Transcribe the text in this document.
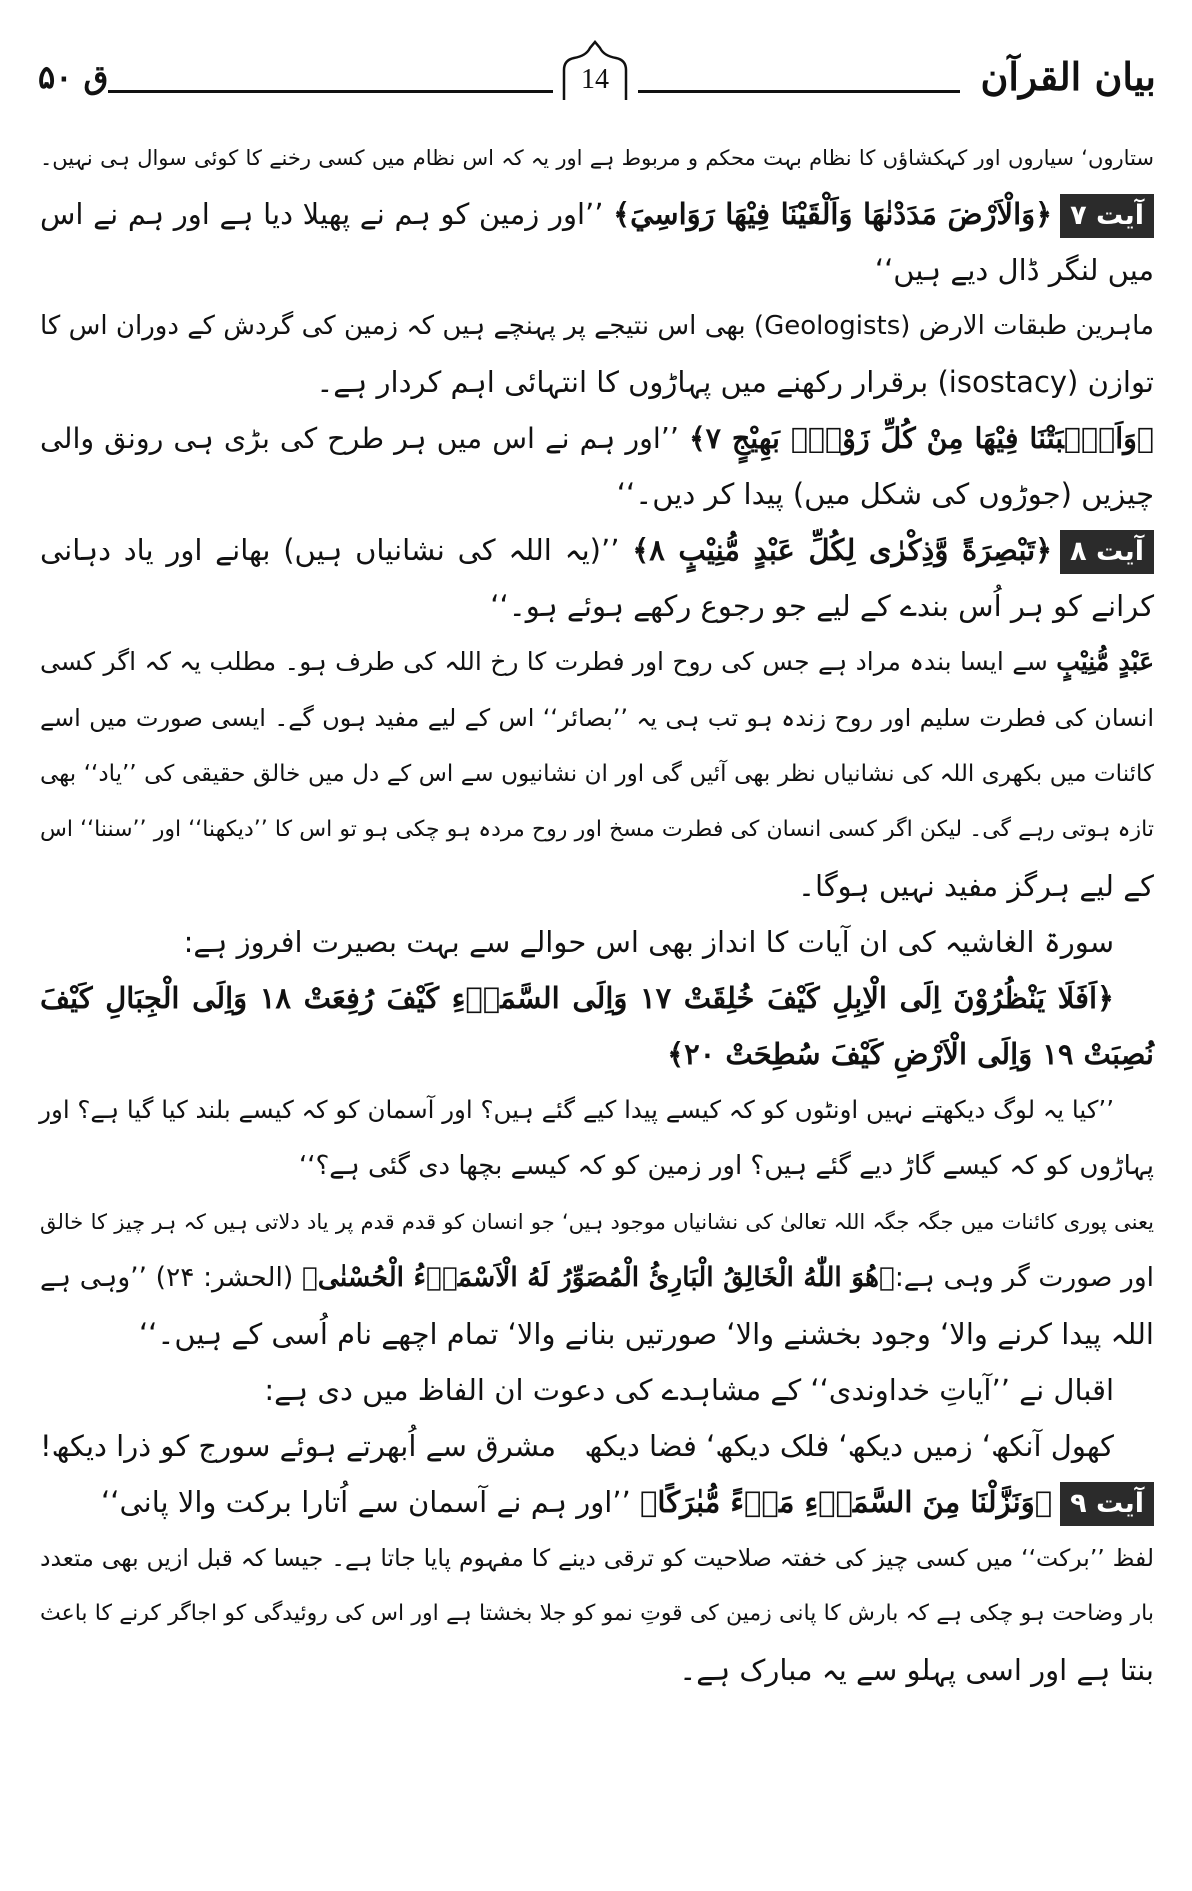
بیان القرآن
14
ق ۵۰
ستاروں‘ سیاروں اور کہکشاؤں کا نظام بہت محکم و مربوط ہے اور یہ کہ اس نظام میں کسی رخنے کا کوئی سوال ہی نہیں۔
آیت ۷﴿وَالْاَرْضَ مَدَدْنٰهَا وَاَلْقَيْنَا فِيْهَا رَوَاسِيَ﴾ ’’اور زمین کو ہم نے پھیلا دیا ہے اور ہم نے اس
میں لنگر ڈال دیے ہیں‘‘
ماہرین طبقات الارض (Geologists) بھی اس نتیجے پر پہنچے ہیں کہ زمین کی گردش کے دوران اس کا
توازن (isostacy) برقرار رکھنے میں پہاڑوں کا انتہائی اہم کردار ہے۔
﴿وَاَنْۢبَتْنَا فِيْهَا مِنْ كُلِّ زَوْجٍۭ بَهِيْجٍ ۷﴾ ’’اور ہم نے اس میں ہر طرح کی بڑی ہی رونق والی
چیزیں (جوڑوں کی شکل میں) پیدا کر دیں۔‘‘
آیت ۸﴿تَبْصِرَةً وَّذِكْرٰى لِكُلِّ عَبْدٍ مُّنِيْبٍ ۸﴾ ’’(یہ اللہ کی نشانیاں ہیں) بھانے اور یاد دہانی
کرانے کو ہر اُس بندے کے لیے جو رجوع رکھے ہوئے ہو۔‘‘
عَبْدٍ مُّنِيْبٍ سے ایسا بندہ مراد ہے جس کی روح اور فطرت کا رخ اللہ کی طرف ہو۔ مطلب یہ کہ اگر کسی
انسان کی فطرت سلیم اور روح زندہ ہو تب ہی یہ ’’بصائر‘‘ اس کے لیے مفید ہوں گے۔ ایسی صورت میں اسے
کائنات میں بکھری اللہ کی نشانیاں نظر بھی آئیں گی اور ان نشانیوں سے اس کے دل میں خالق حقیقی کی ’’یاد‘‘ بھی
تازہ ہوتی رہے گی۔ لیکن اگر کسی انسان کی فطرت مسخ اور روح مردہ ہو چکی ہو تو اس کا ’’دیکھنا‘‘ اور ’’سننا‘‘ اس
کے لیے ہرگز مفید نہیں ہوگا۔
سورۃ الغاشیہ کی ان آیات کا انداز بھی اس حوالے سے بہت بصیرت افروز ہے:
﴿اَفَلَا يَنْظُرُوْنَ اِلَى الْاِبِلِ كَيْفَ خُلِقَتْ ۱۷ وَاِلَى السَّمَاۗءِ كَيْفَ رُفِعَتْ ۱۸ وَاِلَى الْجِبَالِ كَيْفَ
نُصِبَتْ ۱۹ وَاِلَى الْاَرْضِ كَيْفَ سُطِحَتْ ۲۰﴾
’’کیا یہ لوگ دیکھتے نہیں اونٹوں کو کہ کیسے پیدا کیے گئے ہیں؟ اور آسمان کو کہ کیسے بلند کیا گیا ہے؟ اور
پہاڑوں کو کہ کیسے گاڑ دیے گئے ہیں؟ اور زمین کو کہ کیسے بچھا دی گئی ہے؟‘‘
یعنی پوری کائنات میں جگہ جگہ اللہ تعالیٰ کی نشانیاں موجود ہیں‘ جو انسان کو قدم قدم پر یاد دلاتی ہیں کہ ہر چیز کا خالق
اور صورت گر وہی ہے:﴿هُوَ اللّٰهُ الْخَالِقُ الْبَارِئُ الْمُصَوِّرُ لَهُ الْاَسْمَاۗءُ الْحُسْنٰى﴾ (الحشر: ۲۴) ’’وہی ہے
اللہ پیدا کرنے والا‘ وجود بخشنے والا‘ صورتیں بنانے والا‘ تمام اچھے نام اُسی کے ہیں۔‘‘
اقبال نے ’’آیاتِ خداوندی‘‘ کے مشاہدے کی دعوت ان الفاظ میں دی ہے:
کھول آنکھ‘ زمیں دیکھ‘ فلک دیکھ‘ فضا دیکھ
مشرق سے اُبھرتے ہوئے سورج کو ذرا دیکھ!
آیت ۹﴿وَنَزَّلْنَا مِنَ السَّمَاۗءِ مَاۗءً مُّبٰرَكًا﴾ ’’اور ہم نے آسمان سے اُتارا برکت والا پانی‘‘
لفظ ’’برکت‘‘ میں کسی چیز کی خفتہ صلاحیت کو ترقی دینے کا مفہوم پایا جاتا ہے۔ جیسا کہ قبل ازیں بھی متعدد
بار وضاحت ہو چکی ہے کہ بارش کا پانی زمین کی قوتِ نمو کو جلا بخشتا ہے اور اس کی روئیدگی کو اجاگر کرنے کا باعث
بنتا ہے اور اسی پہلو سے یہ مبارک ہے۔
